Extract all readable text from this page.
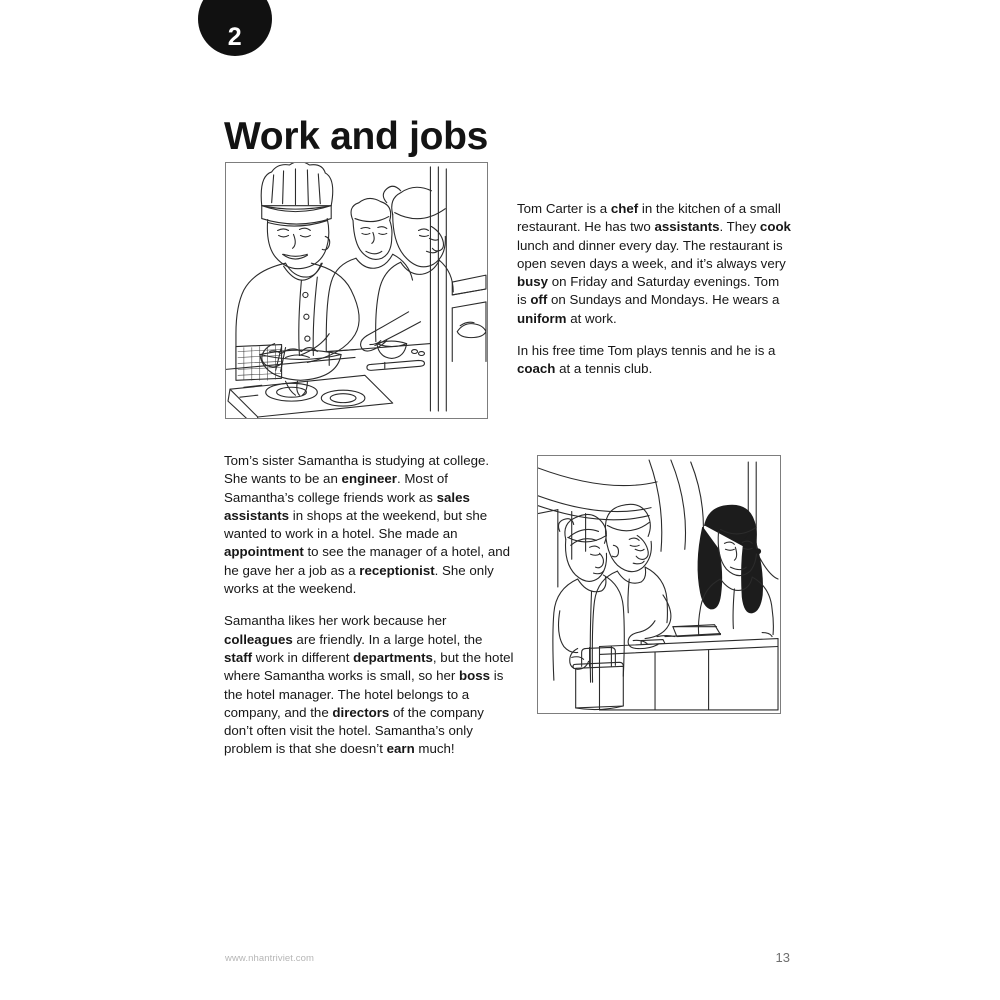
2
Work and jobs

Tom Carter is a chef in the kitchen of a small restaurant. He has two assistants. They cook lunch and dinner every day. The restaurant is open seven days a week, and it’s always very busy on Friday and Saturday evenings. Tom is off on Sundays and Mondays. He wears a uniform at work.

In his free time Tom plays tennis and he is a coach at a tennis club.

Tom’s sister Samantha is studying at college. She wants to be an engineer. Most of Samantha’s college friends work as sales assistants in shops at the weekend, but she wanted to work in a hotel. She made an appointment to see the manager of a hotel, and he gave her a job as a receptionist. She only works at the weekend.

Samantha likes her work because her colleagues are friendly. In a large hotel, the staff work in different departments, but the hotel where Samantha works is small, so her boss is the hotel manager. The hotel belongs to a company, and the directors of the company don’t often visit the hotel. Samantha’s only problem is that she doesn’t earn much!

www.nhantriviet.com	13
